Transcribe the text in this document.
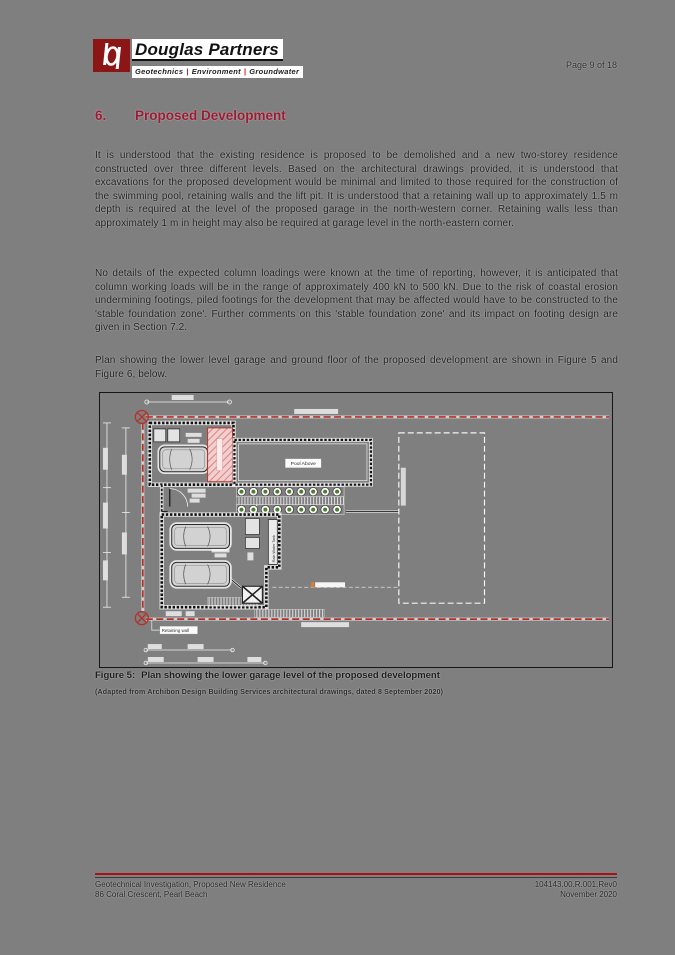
Douglas Partners
Geotechnics | Environment | Groundwater
Page 9 of 18
6.	Proposed Development

It is understood that the existing residence is proposed to be demolished and a new two-storey residence constructed over three different levels. Based on the architectural drawings provided, it is understood that excavations for the proposed development would be minimal and limited to those required for the construction of the swimming pool, retaining walls and the lift pit. It is understood that a retaining wall up to approximately 1.5 m depth is required at the level of the proposed garage in the north-western corner. Retaining walls less than approximately 1 m in height may also be required at garage level in the north-eastern corner.

No details of the expected column loadings were known at the time of reporting, however, it is anticipated that column working loads will be in the range of approximately 400 kN to 500 kN. Due to the risk of coastal erosion undermining footings, piled footings for the development that may be affected would have to be constructed to the 'stable foundation zone'. Further comments on this 'stable foundation zone' and its impact on footing design are given in Section 7.2.

Plan showing the lower level garage and ground floor of the proposed development are shown in Figure 5 and Figure 6, below.

Pool Above
Rain Water Tank
Retaining wall
Figure 5: Plan showing the lower garage level of the proposed development
(Adapted from Archibon Design Building Services architectural drawings, dated 8 September 2020)
Geotechnical Investigation, Proposed New Residence
86 Coral Crescent, Pearl Beach
104143.00.R.001.Rev0
November 2020
